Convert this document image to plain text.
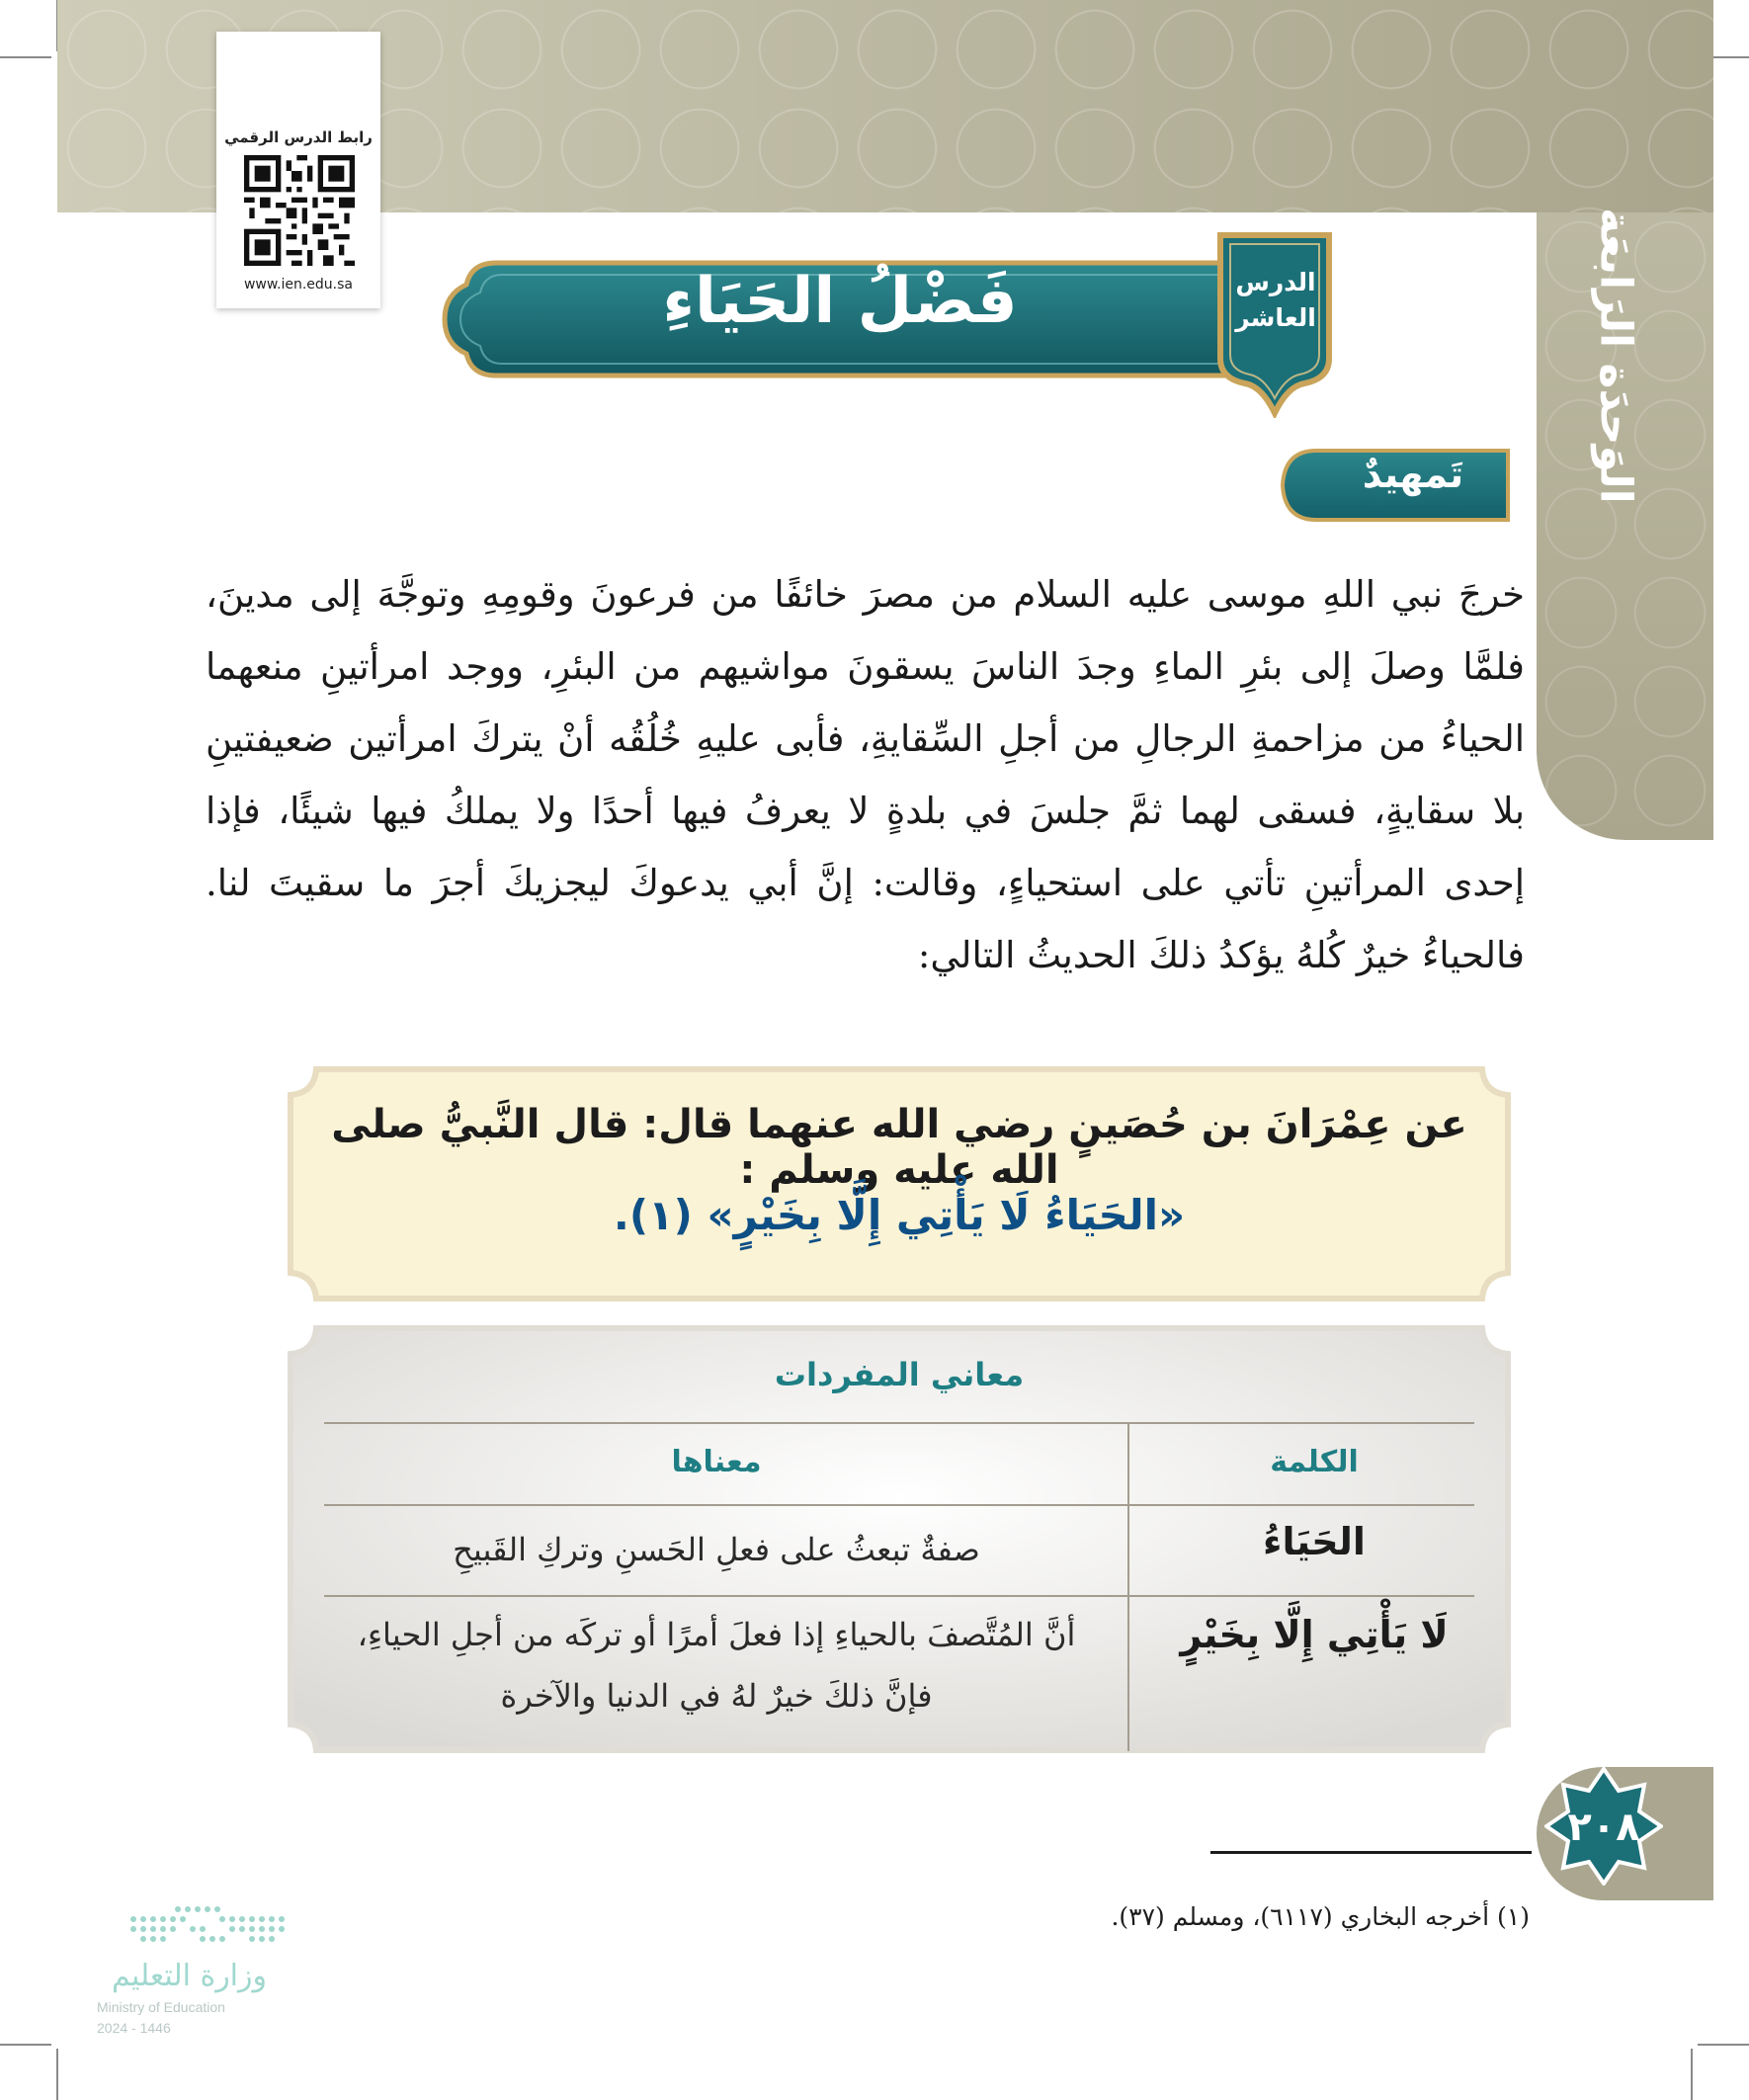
الوَحدَة الرَابعَة
رابط الدرس الرقمي
www.ien.edu.sa	فَضْلُ الحَيَاءِ	الدرس العاشر
تَمهيدٌ
خرجَ نبي اللهِ موسى عليه السلام من مصرَ خائفًا من فرعونَ وقومِهِ وتوجَّهَ إلى مدينَ، فلمَّا وصلَ إلى بئرِ الماءِ وجدَ الناسَ يسقونَ مواشيهم من البئرِ، ووجد امرأتينِ منعهما الحياءُ من مزاحمةِ الرجالِ من أجلِ السِّقايةِ، فأبى عليهِ خُلُقُه أنْ يتركَ امرأتين ضعيفتينِ بلا سقايةٍ، فسقى لهما ثمَّ جلسَ في بلدةٍ لا يعرفُ فيها أحدًا ولا يملكُ فيها شيئًا، فإذا إحدى المرأتينِ تأتي على استحياءٍ، وقالت: إنَّ أبي يدعوكَ ليجزيكَ أجرَ ما سقيتَ لنا. فالحياءُ خيرٌ كُلهُ يؤكدُ ذلكَ الحديثُ التالي:
عن عِمْرَانَ بن حُصَينٍ رضي الله عنهما قال: قال النَّبيُّ صلى الله عليه وسلم :
«الحَيَاءُ لَا يَأْتِي إِلَّا بِخَيْرٍ» (١).
معاني المفردات
الكلمة
معناها
الحَيَاءُ
صفةٌ تبعثُ على فعلِ الحَسنِ وتركِ القَبيحِ
لَا يَأْتِي إِلَّا بِخَيْرٍ
أنَّ المُتَّصفَ بالحياءِ إذا فعلَ أمرًا أو تركَه من أجلِ الحياءِ،
فإنَّ ذلكَ خيرٌ لهُ في الدنيا والآخرة
٢٠٨
(١) أخرجه البخاري (٦١١٧)، ومسلم (٣٧).
وزارة التعليم
Ministry of Education
2024 - 1446
